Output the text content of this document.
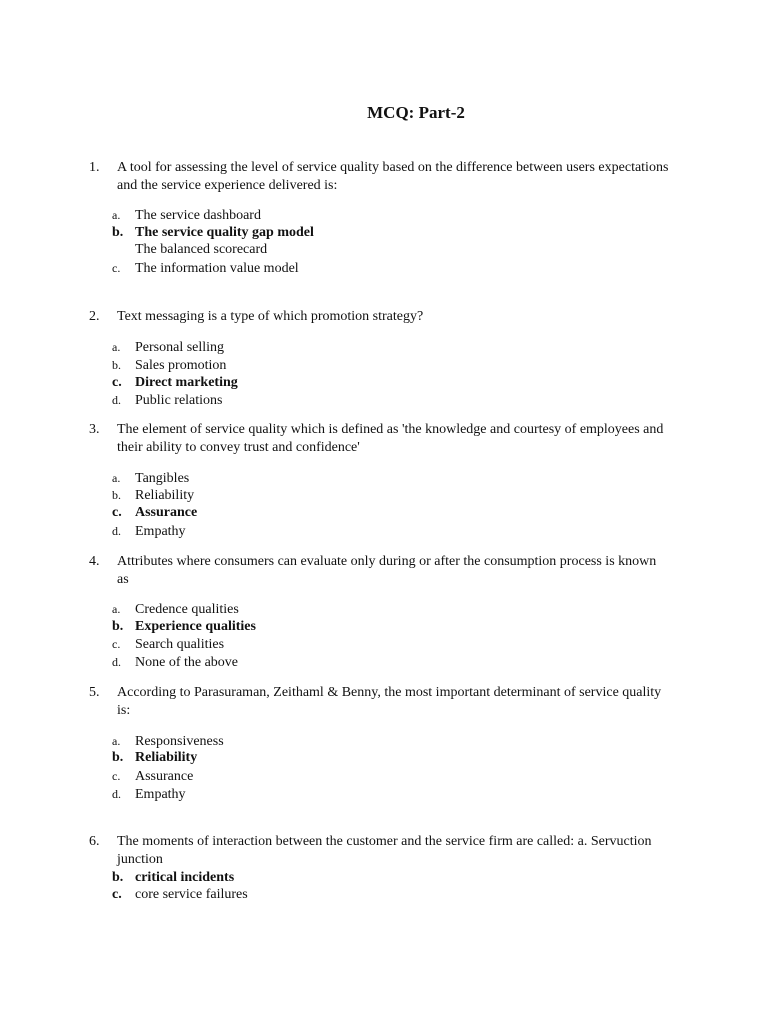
MCQ: Part-2
1. A tool for assessing the level of service quality based on the difference between users expectations and the service experience delivered is:
a. The service dashboard
b. The service quality gap model
The balanced scorecard
c. The information value model
2. Text messaging is a type of which promotion strategy?
a. Personal selling
b. Sales promotion
c. Direct marketing
d. Public relations
3. The element of service quality which is defined as 'the knowledge and courtesy of employees and their ability to convey trust and confidence'
a. Tangibles
b. Reliability
c. Assurance
d. Empathy
4. Attributes where consumers can evaluate only during or after the consumption process is known as
a. Credence qualities
b. Experience qualities
c. Search qualities
d. None of the above
5. According to Parasuraman, Zeithaml & Benny, the most important determinant of service quality is:
a. Responsiveness
b. Reliability
c. Assurance
d. Empathy
6. The moments of interaction between the customer and the service firm are called: a. Servuction junction
b. critical incidents
c. core service failures
